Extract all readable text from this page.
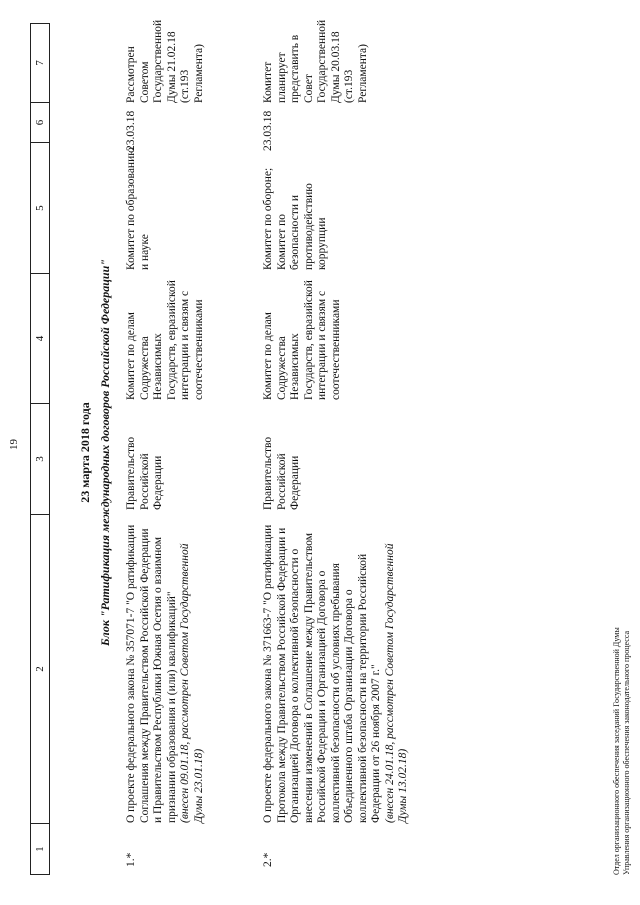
19
1
2
3
4
5
6
7
23 марта 2018 года Блок "Ратификация международных договоров Российской Федерации"
1.*
О проекте федерального закона № 357071-7 "О ратификации Соглашения между Правительством Российской Федерации и Правительством Республики Южная Осетия о взаимном признании образования и (или) квалификаций" (внесен 09.01.18, рассмотрен Советом Государственной Думы 23.01.18)
Правительство Российской Федерации
Комитет по делам Содружества Независимых Государств, евразийской интеграции и связям с соотечественниками
Комитет по образованию и науке
23.03.18
Рассмотрен Советом Государственной Думы 21.02.18 (ст.193 Регламента)
2.*
О проекте федерального закона № 371663-7 "О ратификации Протокола между Правительством Российской Федерации и Организацией Договора о коллективной безопасности о внесении изменений в Соглашение между Правительством Российской Федерации и Организацией Договора о коллективной безопасности об условиях пребывания Объединенного штаба Организации Договора о коллективной безопасности на территории Российской Федерации от 26 ноября 2007 г." (внесен 24.01.18, рассмотрен Советом Государственной Думы 13.02.18)
Правительство Российской Федерации
Комитет по делам Содружества Независимых Государств, евразийской интеграции и связям с соотечественниками
Комитет по обороне; Комитет по безопасности и противодействию коррупции
23.03.18
Комитет планирует представить в Совет Государственной Думы 20.03.18 (ст.193 Регламента)
Отдел организационного обеспечения заседаний Государственной Думы Управления организационного обеспечения законодательного процесса
